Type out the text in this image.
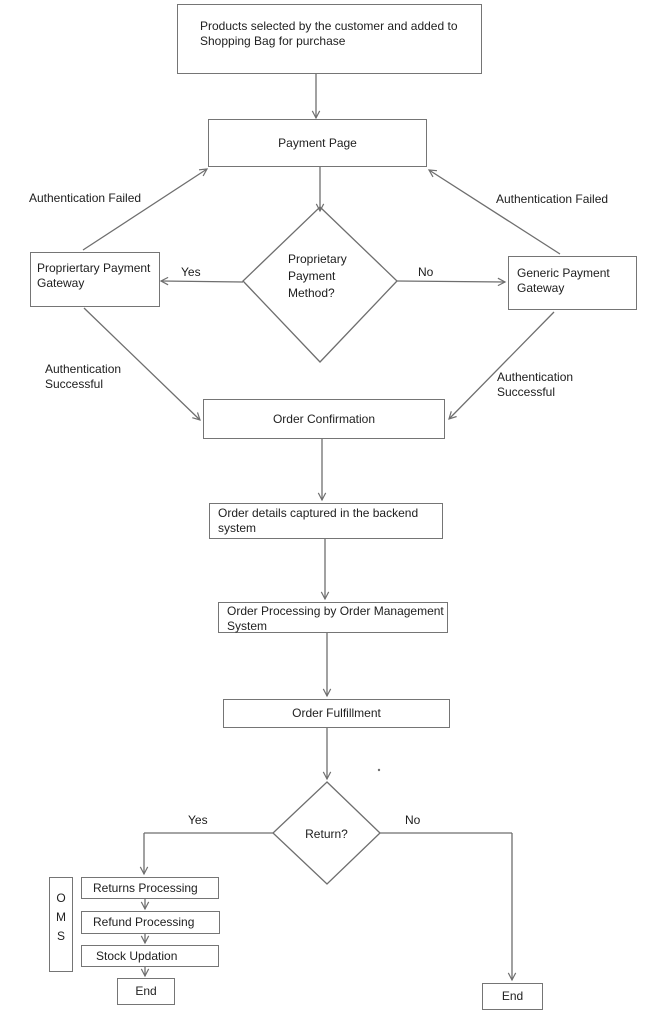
Products selected by the customer and added to
Shopping Bag for purchase
Payment Page
Propriertary Payment
Gateway
Generic Payment
Gateway
Proprietary
Payment
Method?
Order Confirmation
Order details captured in the backend
system
Order Processing by Order Management
System
Order Fulfillment
Return?
O
M
S
Returns Processing
Refund Processing
Stock Updation
End	End
Authentication Failed	Authentication Failed
Authentication
Successful	Authentication
Successful
Yes	No
Yes	No
